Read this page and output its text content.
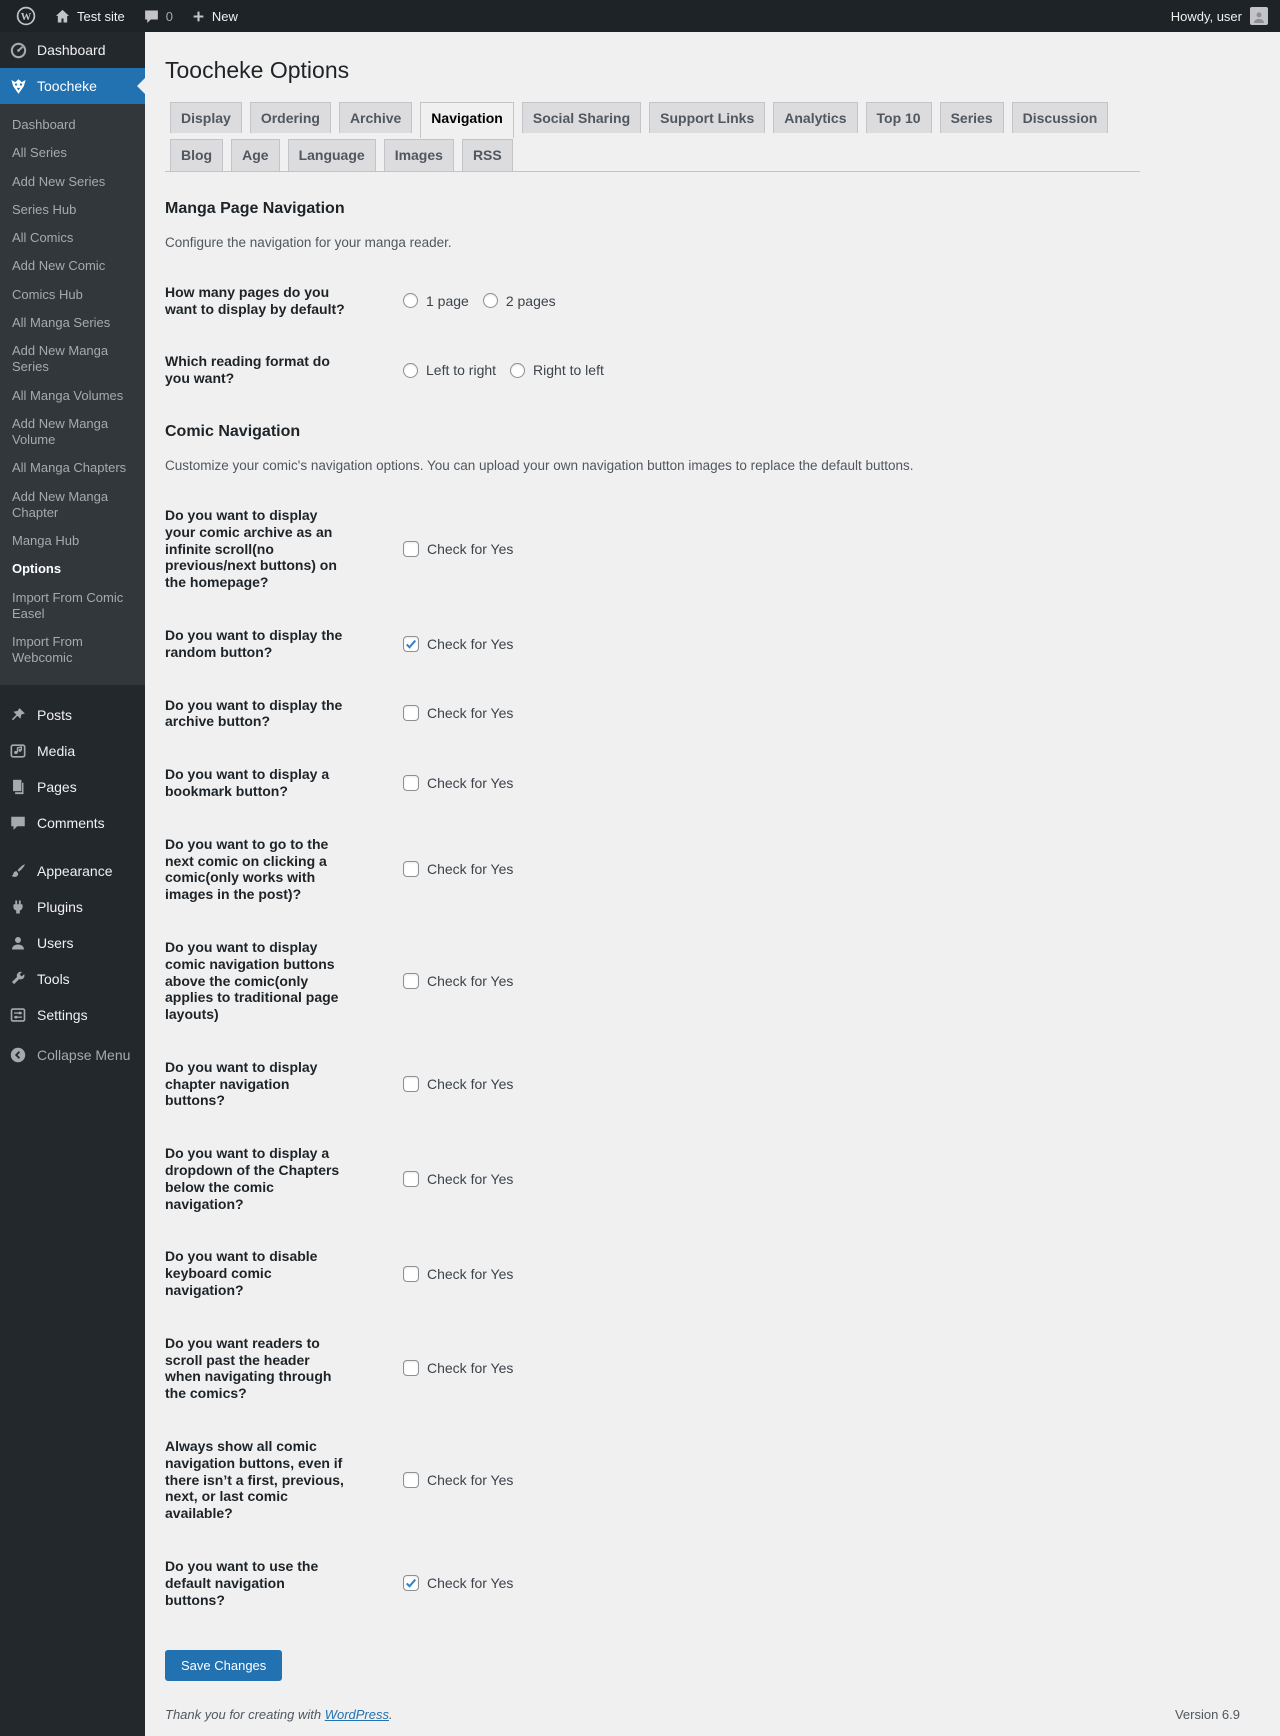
W	Test site	0	New	Howdy, user
Dashboard
Toocheke
Dashboard
All Series
Add New Series
Series Hub
All Comics
Add New Comic
Comics Hub
All Manga Series
Add New Manga Series
All Manga Volumes
Add New Manga Volume
All Manga Chapters
Add New Manga Chapter
Manga Hub
Options
Import From Comic Easel
Import From Webcomic
Posts
Media
Pages
Comments
Appearance
Plugins
Users
Tools
Settings
Collapse Menu
Toocheke Options
Display	Ordering	Archive	Navigation	Social Sharing	Support Links	Analytics	Top 10	Series	Discussion
Blog	Age	Language	Images	RSS
Manga Page Navigation

Configure the navigation for your manga reader.

How many pages do you want to display by default?	1 page	2 pages
Which reading format do you want?	Left to right	Right to left
Comic Navigation

Customize your comic's navigation options. You can upload your own navigation button images to replace the default buttons.

Do you want to display your comic archive as an infinite scroll(no previous/next buttons) on the homepage?
Check for Yes
Do you want to display the random button?	Check for Yes
Do you want to display the archive button?	Check for Yes
Do you want to display a bookmark button?	Check for Yes
Do you want to go to the next comic on clicking a comic(only works with images in the post)?
Check for Yes
Do you want to display comic navigation buttons above the comic(only applies to traditional page layouts)
Check for Yes
Do you want to display chapter navigation buttons?
Check for Yes
Do you want to display a dropdown of the Chapters below the comic navigation?
Check for Yes
Do you want to disable keyboard comic navigation?
Check for Yes
Do you want readers to scroll past the header when navigating through the comics?
Check for Yes
Always show all comic navigation buttons, even if there isn’t a first, previous, next, or last comic available?
Check for Yes
Do you want to use the default navigation buttons?
Check for Yes
Save Changes
Thank you for creating with WordPress.	Version 6.9
